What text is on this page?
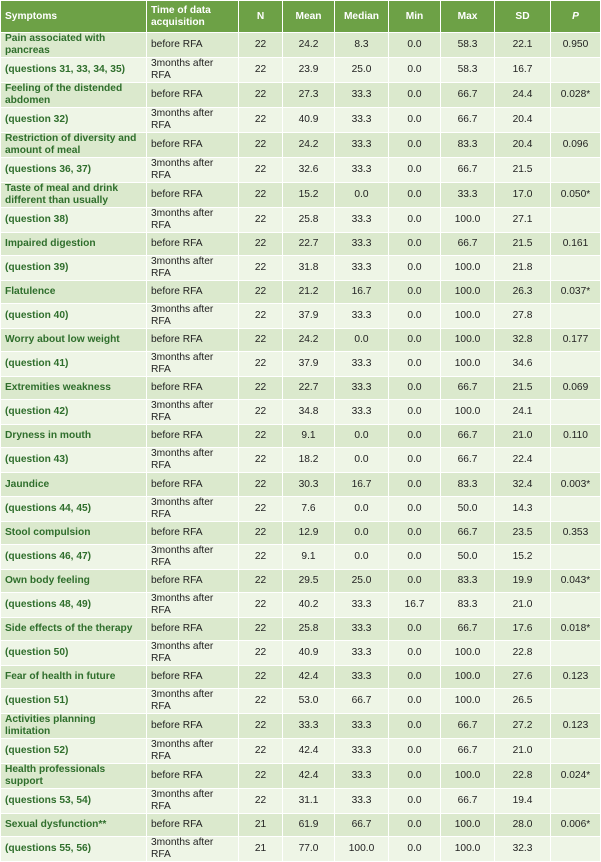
Symptoms	Time of data acquisition	N	Mean	Median	Min	Max	SD	P
Pain associated with pancreas	before RFA	22	24.2	8.3	0.0	58.3	22.1	0.950
(questions 31, 33, 34, 35)	3months after RFA	22	23.9	25.0	0.0	58.3	16.7	
Feeling of the distended abdomen	before RFA	22	27.3	33.3	0.0	66.7	24.4	0.028*
(question 32)	3months after RFA	22	40.9	33.3	0.0	66.7	20.4	
Restriction of diversity and amount of meal	before RFA	22	24.2	33.3	0.0	83.3	20.4	0.096
(questions 36, 37)	3months after RFA	22	32.6	33.3	0.0	66.7	21.5	
Taste of meal and drink different than usually	before RFA	22	15.2	0.0	0.0	33.3	17.0	0.050*
(question 38)	3months after RFA	22	25.8	33.3	0.0	100.0	27.1	
Impaired digestion	before RFA	22	22.7	33.3	0.0	66.7	21.5	0.161
(question 39)	3months after RFA	22	31.8	33.3	0.0	100.0	21.8	
Flatulence	before RFA	22	21.2	16.7	0.0	100.0	26.3	0.037*
(question 40)	3months after RFA	22	37.9	33.3	0.0	100.0	27.8	
Worry about low weight	before RFA	22	24.2	0.0	0.0	100.0	32.8	0.177
(question 41)	3months after RFA	22	37.9	33.3	0.0	100.0	34.6	
Extremities weakness	before RFA	22	22.7	33.3	0.0	66.7	21.5	0.069
(question 42)	3months after RFA	22	34.8	33.3	0.0	100.0	24.1	
Dryness in mouth	before RFA	22	9.1	0.0	0.0	66.7	21.0	0.110
(question 43)	3months after RFA	22	18.2	0.0	0.0	66.7	22.4	
Jaundice	before RFA	22	30.3	16.7	0.0	83.3	32.4	0.003*
(questions 44, 45)	3months after RFA	22	7.6	0.0	0.0	50.0	14.3	
Stool compulsion	before RFA	22	12.9	0.0	0.0	66.7	23.5	0.353
(questions 46, 47)	3months after RFA	22	9.1	0.0	0.0	50.0	15.2	
Own body feeling	before RFA	22	29.5	25.0	0.0	83.3	19.9	0.043*
(questions 48, 49)	3months after RFA	22	40.2	33.3	16.7	83.3	21.0	
Side effects of the therapy	before RFA	22	25.8	33.3	0.0	66.7	17.6	0.018*
(question 50)	3months after RFA	22	40.9	33.3	0.0	100.0	22.8	
Fear of health in future	before RFA	22	42.4	33.3	0.0	100.0	27.6	0.123
(question 51)	3months after RFA	22	53.0	66.7	0.0	100.0	26.5	
Activities planning limitation	before RFA	22	33.3	33.3	0.0	66.7	27.2	0.123
(question 52)	3months after RFA	22	42.4	33.3	0.0	66.7	21.0	
Health professionals support	before RFA	22	42.4	33.3	0.0	100.0	22.8	0.024*
(questions 53, 54)	3months after RFA	22	31.1	33.3	0.0	66.7	19.4	
Sexual dysfunction**	before RFA	21	61.9	66.7	0.0	100.0	28.0	0.006*
(questions 55, 56)	3months after RFA	21	77.0	100.0	0.0	100.0	32.3	
